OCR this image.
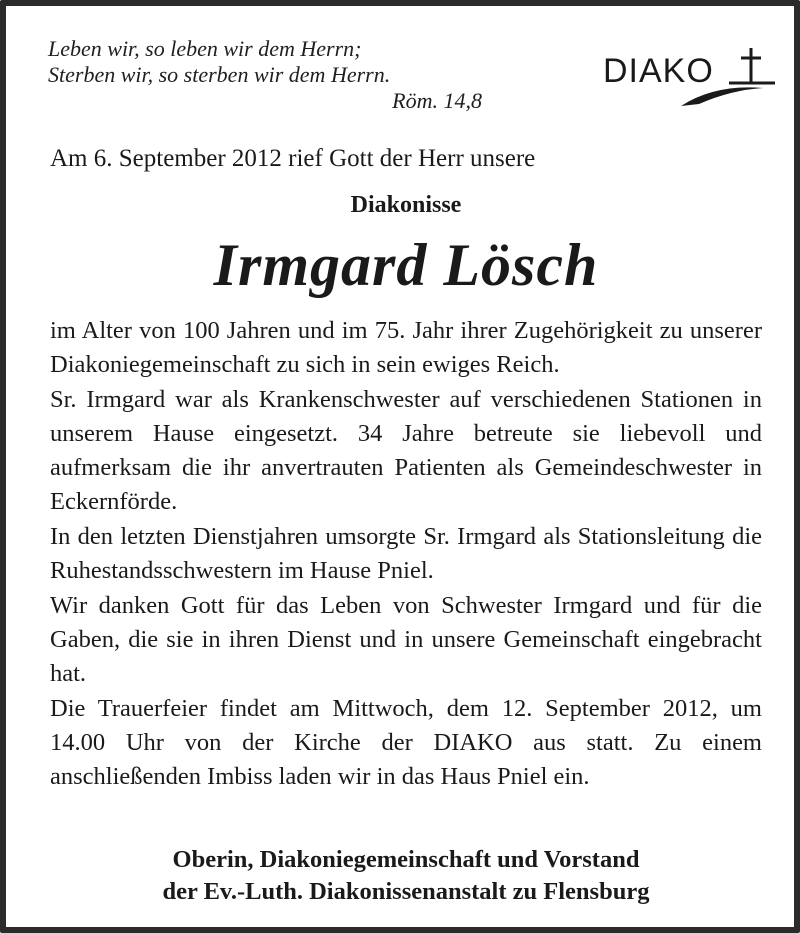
Leben wir, so leben wir dem Herrn;
Sterben wir, so sterben wir dem Herrn.
Röm. 14,8
DIAKO
Am 6. September 2012 rief Gott der Herr unsere
Diakonisse
Irmgard Lösch

im Alter von 100 Jahren und im 75. Jahr ihrer Zugehörigkeit zu unserer Diakoniegemeinschaft zu sich in sein ewiges Reich.

Sr. Irmgard war als Krankenschwester auf verschiedenen Stationen in unserem Hause eingesetzt. 34 Jahre betreute sie liebevoll und aufmerksam die ihr anvertrauten Patienten als Gemeindeschwester in Eckernförde.

In den letzten Dienstjahren umsorgte Sr. Irmgard als Stationsleitung die Ruhestandsschwestern im Hause Pniel.

Wir danken Gott für das Leben von Schwester Irmgard und für die Gaben, die sie in ihren Dienst und in unsere Gemeinschaft eingebracht hat.

Die Trauerfeier findet am Mittwoch, dem 12. September 2012, um 14.00 Uhr von der Kirche der DIAKO aus statt. Zu einem anschließenden Imbiss laden wir in das Haus Pniel ein.

Oberin, Diakoniegemeinschaft und Vorstand
der Ev.-Luth. Diakonissenanstalt zu Flensburg
